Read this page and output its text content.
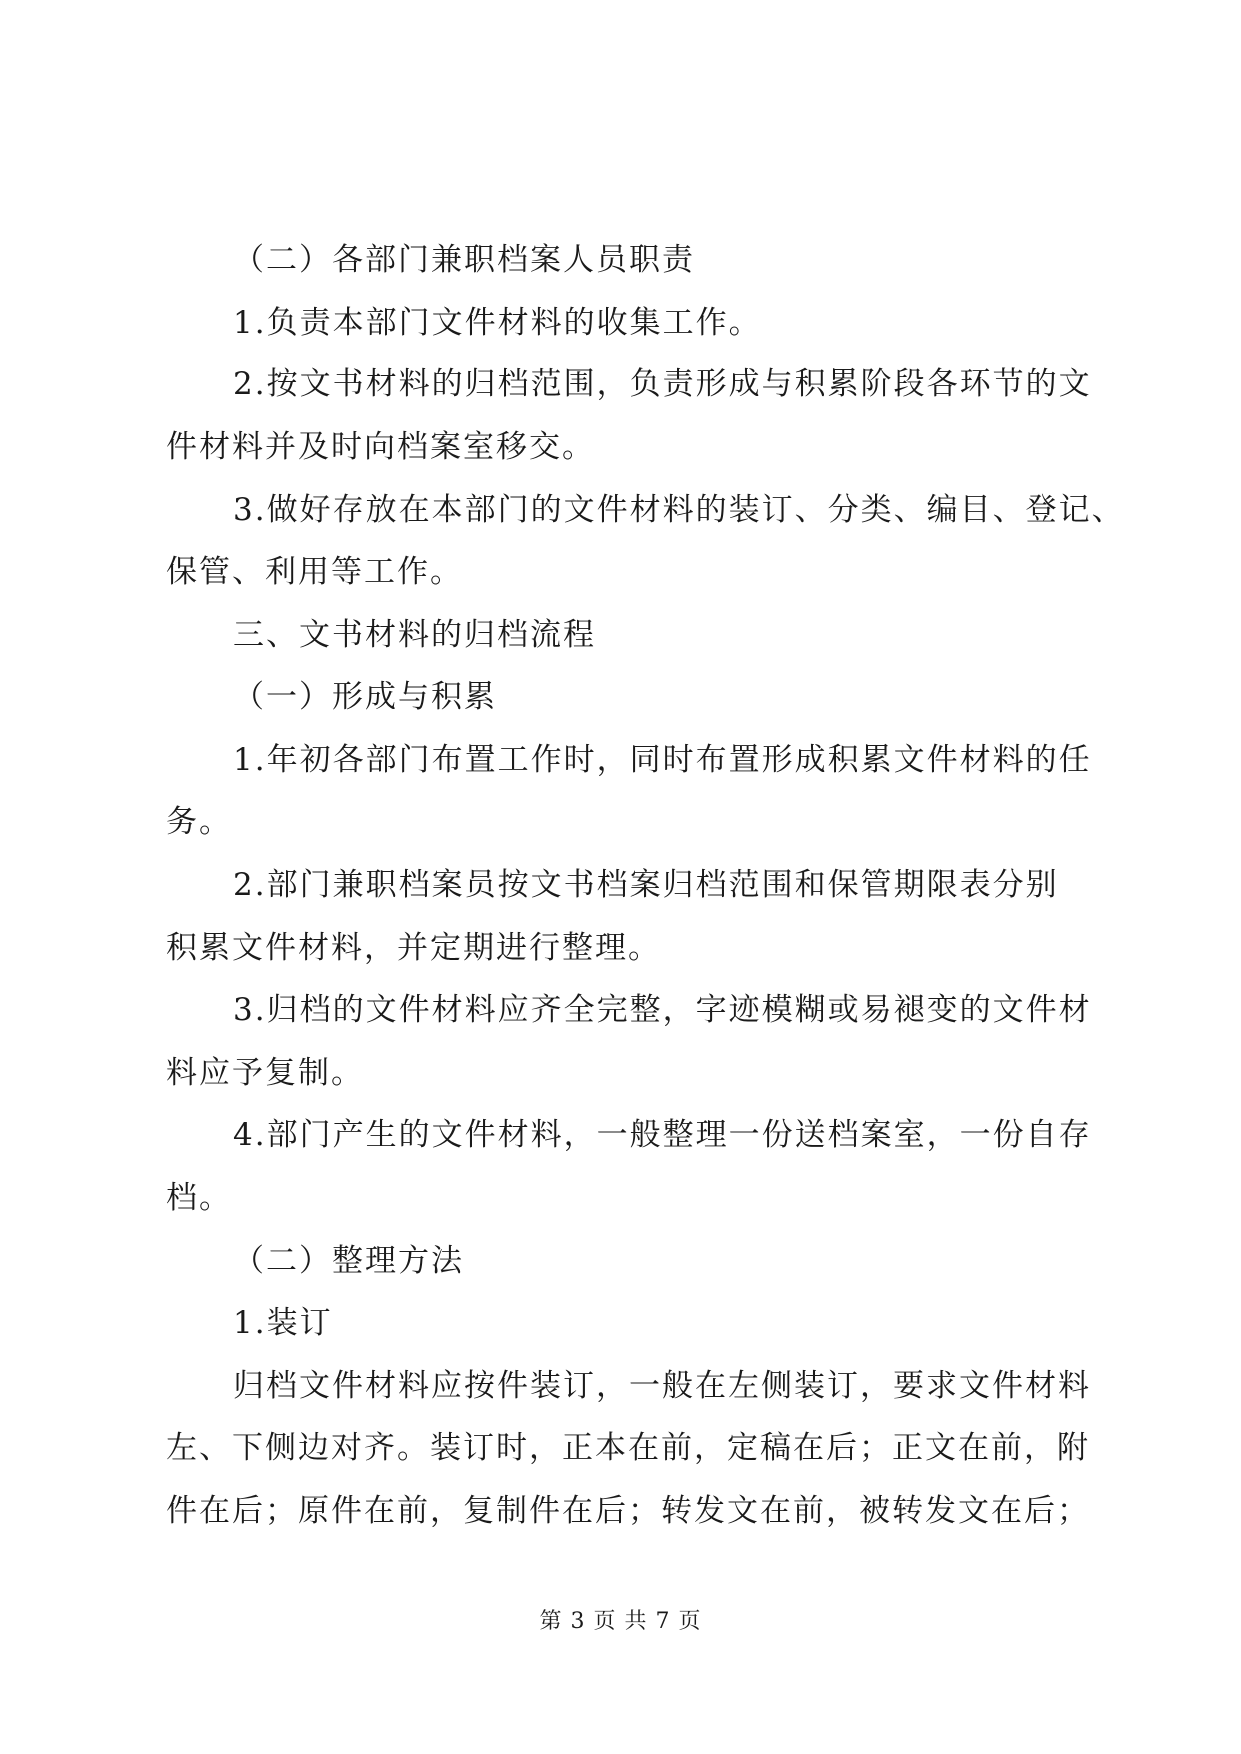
（二）各部门兼职档案人员职责
1.负责本部门文件材料的收集工作。
2.按文书材料的归档范围，负责形成与积累阶段各环节的文
件材料并及时向档案室移交。
3.做好存放在本部门的文件材料的装订、分类、编目、登记、
保管、利用等工作。
三、文书材料的归档流程
（一）形成与积累
1.年初各部门布置工作时，同时布置形成积累文件材料的任
务。
2.部门兼职档案员按文书档案归档范围和保管期限表分别
积累文件材料，并定期进行整理。
3.归档的文件材料应齐全完整，字迹模糊或易褪变的文件材
料应予复制。
4.部门产生的文件材料，一般整理一份送档案室，一份自存
档。
（二）整理方法
1.装订
归档文件材料应按件装订，一般在左侧装订，要求文件材料
左、下侧边对齐。装订时，正本在前，定稿在后；正文在前，附
件在后；原件在前，复制件在后；转发文在前，被转发文在后；
第 3 页 共 7 页
